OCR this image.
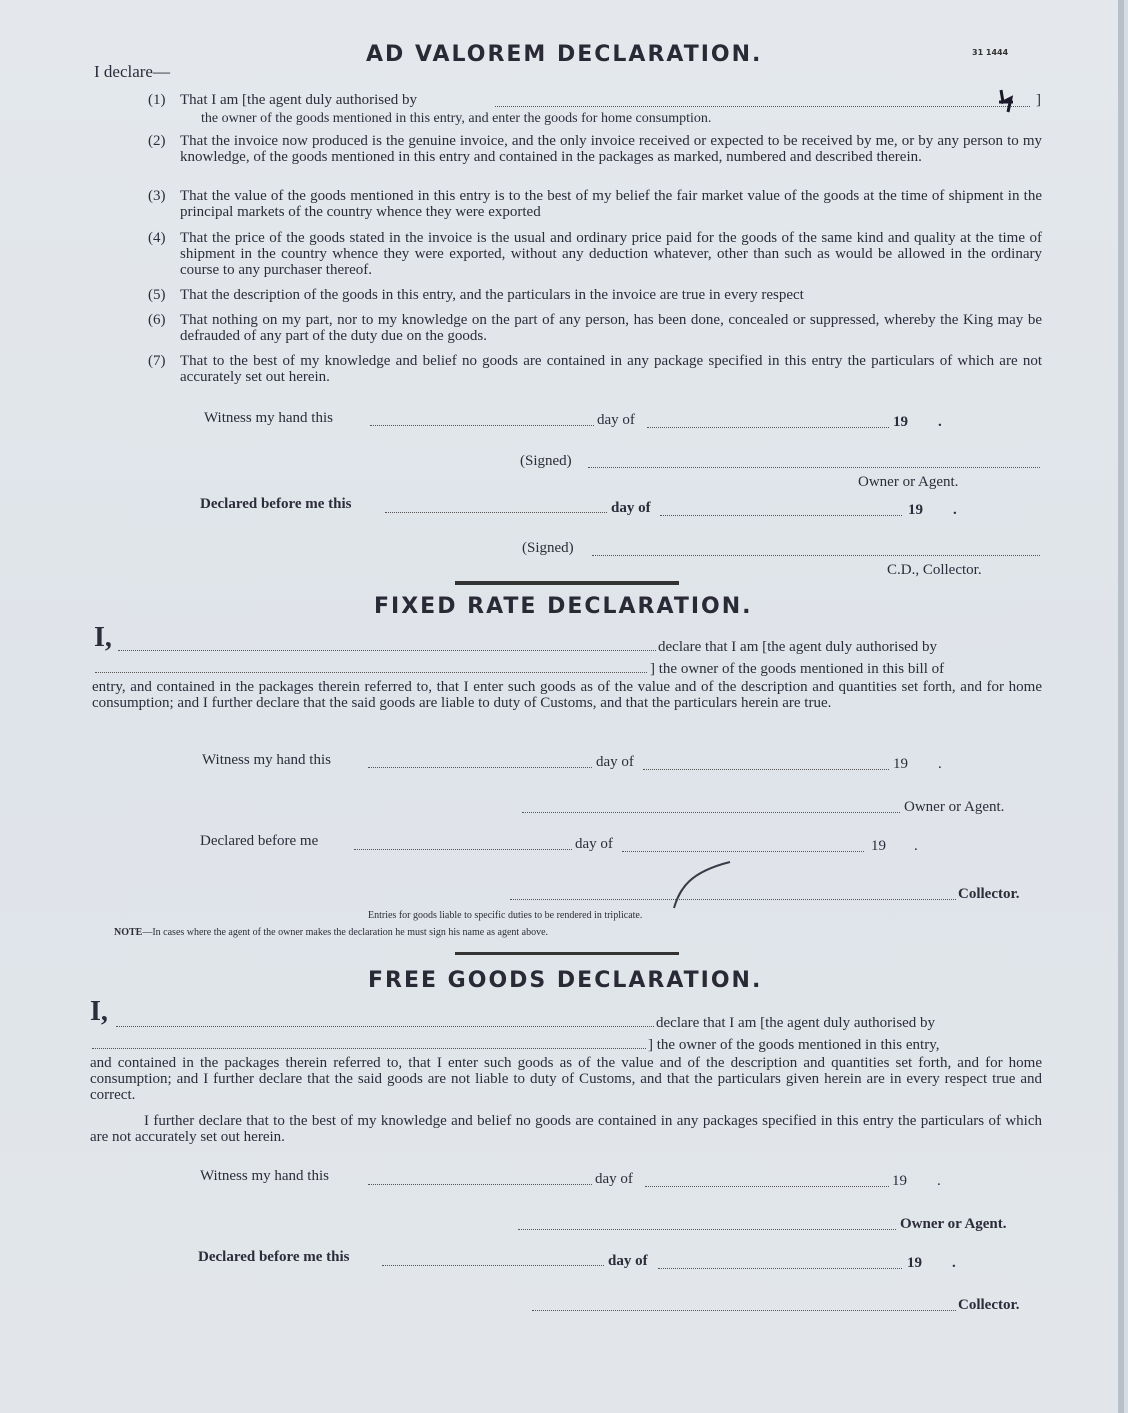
AD VALOREM DECLARATION.	31 1444
I declare—
(1) That I am [the agent duly authorised by	]
the owner of the goods mentioned in this entry, and enter the goods for home consumption.
(2) That the invoice now produced is the genuine invoice, and the only invoice received or expected to be received by me, or by any person to my knowledge, of the goods mentioned in this entry and contained in the packages as marked, numbered and described therein.
(3) That the value of the goods mentioned in this entry is to the best of my belief the fair market value of the goods at the time of shipment in the principal markets of the country whence they were exported
(4) That the price of the goods stated in the invoice is the usual and ordinary price paid for the goods of the same kind and quality at the time of shipment in the country whence they were exported, without any deduction whatever, other than such as would be allowed in the ordinary course to any purchaser thereof.
(5) That the description of the goods in this entry, and the particulars in the invoice are true in every respect
(6) That nothing on my part, nor to my knowledge on the part of any person, has been done, concealed or suppressed, whereby the King may be defrauded of any part of the duty due on the goods.
(7) That to the best of my knowledge and belief no goods are contained in any package specified in this entry the particulars of which are not accurately set out herein.
Witness my hand this	day of	19 .
(Signed)
Owner or Agent.
Declared before me this	day of	19 .
(Signed)
C.D., Collector.
FIXED RATE DECLARATION.
I,	declare that I am [the agent duly authorised by
] the owner of the goods mentioned in this bill of
entry, and contained in the packages therein referred to, that I enter such goods as of the value and of the description and quantities set forth, and for home consumption; and I further declare that the said goods are liable to duty of Customs, and that the particulars herein are true.
Witness my hand this	day of	19 .
Owner or Agent.
Declared before me	day of	19 .
Collector.
Entries for goods liable to specific duties to be rendered in triplicate.
NOTE—In cases where the agent of the owner makes the declaration he must sign his name as agent above.
FREE GOODS DECLARATION.
I,	declare that I am [the agent duly authorised by
] the owner of the goods mentioned in this entry,
and contained in the packages therein referred to, that I enter such goods as of the value and of the description and quantities set forth, and for home consumption; and I further declare that the said goods are not liable to duty of Customs, and that the particulars given herein are in every respect true and correct.
I further declare that to the best of my knowledge and belief no goods are contained in any packages specified in this entry the particulars of which are not accurately set out herein.
Witness my hand this	day of	19 .
Owner or Agent.
Declared before me this	day of	19 .
Collector.
